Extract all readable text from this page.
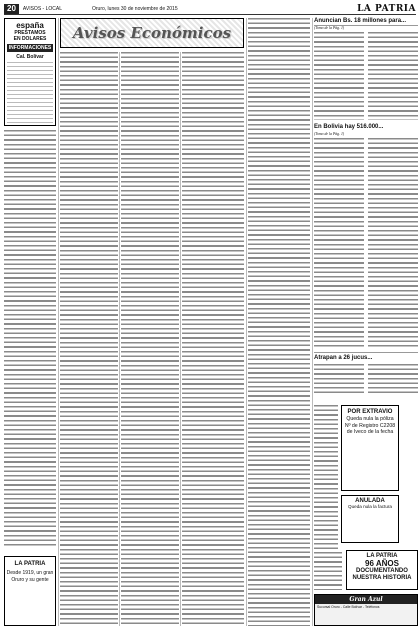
20	AVISOS - LOCAL	Oruro, lunes 30 de noviembre de 2015	LA PATRIA
españa
PRESTAMOS
EN DOLARES
INFORMACIONES
Cal. Bolívar
LA PATRIA
Desde 1919, un gran Oruro y su gente
Avisos Económicos
Anuncian Bs. 18 millones para...
(Tomo de la Pág. 1)
En Bolivia hay 516.000...
(Tomo de la Pág. 1)
Atrapan a 26 jucus...
POR EXTRAVIO
Queda nula la póliza Nº de Registro C2208 de Iveco de la fecha
ANULADA
Queda nula la factura
LA PATRIA
96 AÑOS
DOCUMENTANDO NUESTRA HISTORIA
Gran Azul
Sucursal Oruro - Calle Bolívar - Teléfonos
